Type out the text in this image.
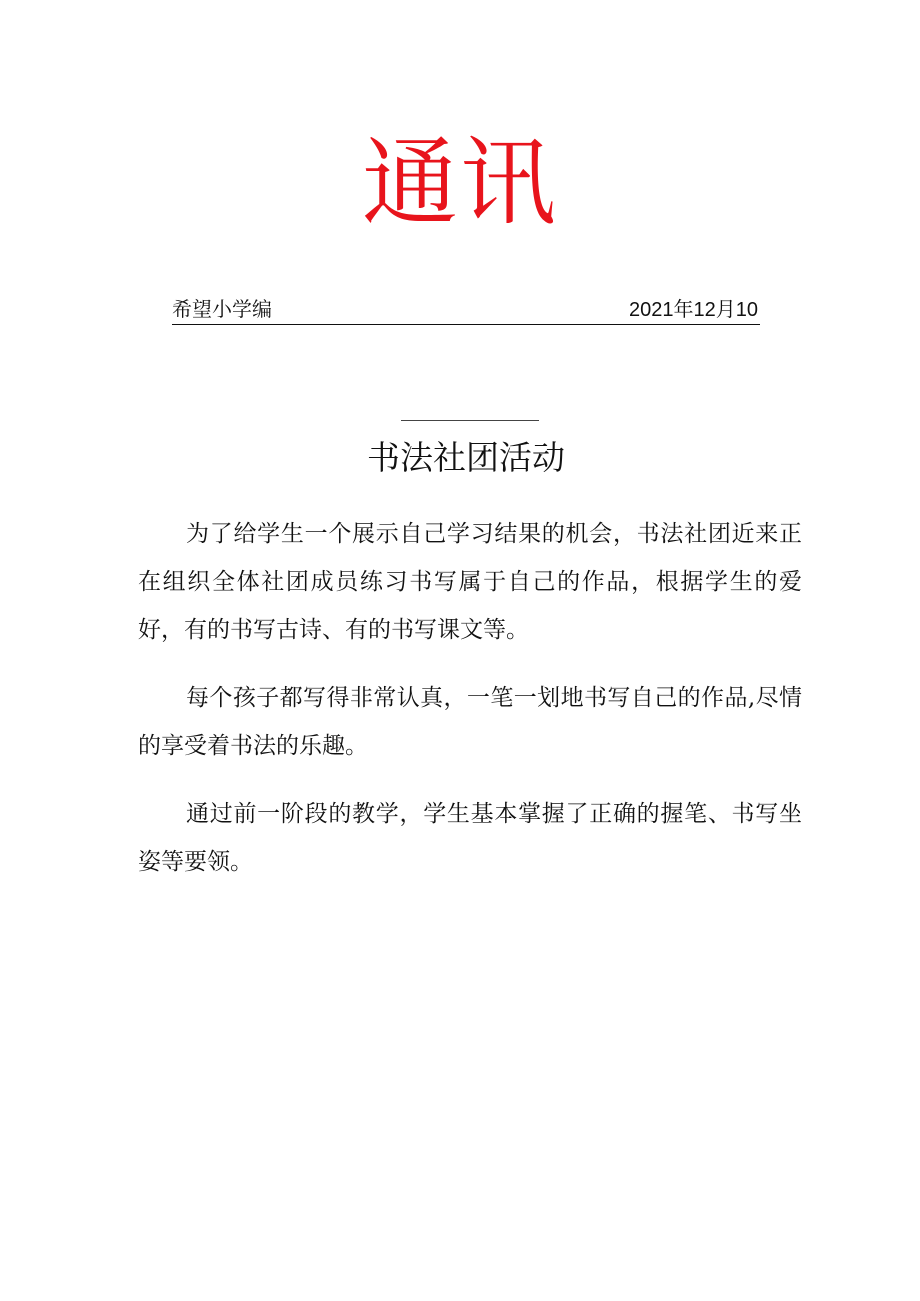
通讯
希望小学编	2021年12月10
书法社团活动

为了给学生一个展示自己学习结果的机会，书法社团近来正在组织全体社团成员练习书写属于自己的作品，根据学生的爱好，有的书写古诗、有的书写课文等。

每个孩子都写得非常认真，一笔一划地书写自己的作品,尽情的享受着书法的乐趣。

通过前一阶段的教学，学生基本掌握了正确的握笔、书写坐姿等要领。
